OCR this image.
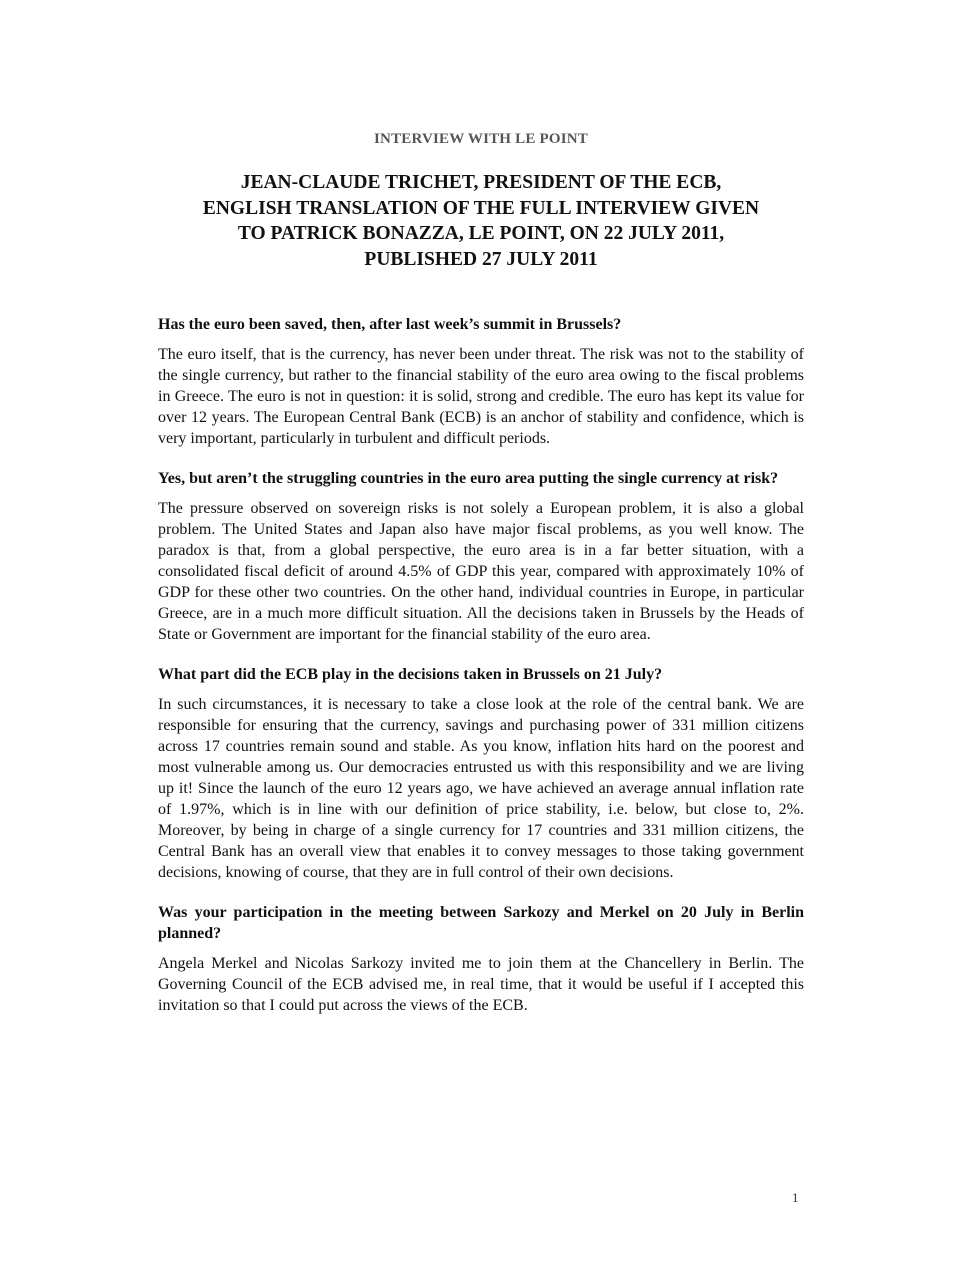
INTERVIEW WITH LE POINT

JEAN-CLAUDE TRICHET, PRESIDENT OF THE ECB,
ENGLISH TRANSLATION OF THE FULL INTERVIEW GIVEN
TO PATRICK BONAZZA, LE POINT, ON 22 JULY 2011,
PUBLISHED 27 JULY 2011

Has the euro been saved, then, after last week’s summit in Brussels?

The euro itself, that is the currency, has never been under threat. The risk was not to the stability of the single currency, but rather to the financial stability of the euro area owing to the fiscal problems in Greece. The euro is not in question: it is solid, strong and credible. The euro has kept its value for over 12 years. The European Central Bank (ECB) is an anchor of stability and confidence, which is very important, particularly in turbulent and difficult periods.

Yes, but aren’t the struggling countries in the euro area putting the single currency at risk?

The pressure observed on sovereign risks is not solely a European problem, it is also a global problem. The United States and Japan also have major fiscal problems, as you well know. The paradox is that, from a global perspective, the euro area is in a far better situation, with a consolidated fiscal deficit of around 4.5% of GDP this year, compared with approximately 10% of GDP for these other two countries. On the other hand, individual countries in Europe, in particular Greece, are in a much more difficult situation. All the decisions taken in Brussels by the Heads of State or Government are important for the financial stability of the euro area.

What part did the ECB play in the decisions taken in Brussels on 21 July?

In such circumstances, it is necessary to take a close look at the role of the central bank. We are responsible for ensuring that the currency, savings and purchasing power of 331 million citizens across 17 countries remain sound and stable. As you know, inflation hits hard on the poorest and most vulnerable among us. Our democracies entrusted us with this responsibility and we are living up it! Since the launch of the euro 12 years ago, we have achieved an average annual inflation rate of 1.97%, which is in line with our definition of price stability, i.e. below, but close to, 2%. Moreover, by being in charge of a single currency for 17 countries and 331 million citizens, the Central Bank has an overall view that enables it to convey messages to those taking government decisions, knowing of course, that they are in full control of their own decisions.

Was your participation in the meeting between Sarkozy and Merkel on 20 July in Berlin planned?

Angela Merkel and Nicolas Sarkozy invited me to join them at the Chancellery in Berlin. The Governing Council of the ECB advised me, in real time, that it would be useful if I accepted this invitation so that I could put across the views of the ECB.

1
